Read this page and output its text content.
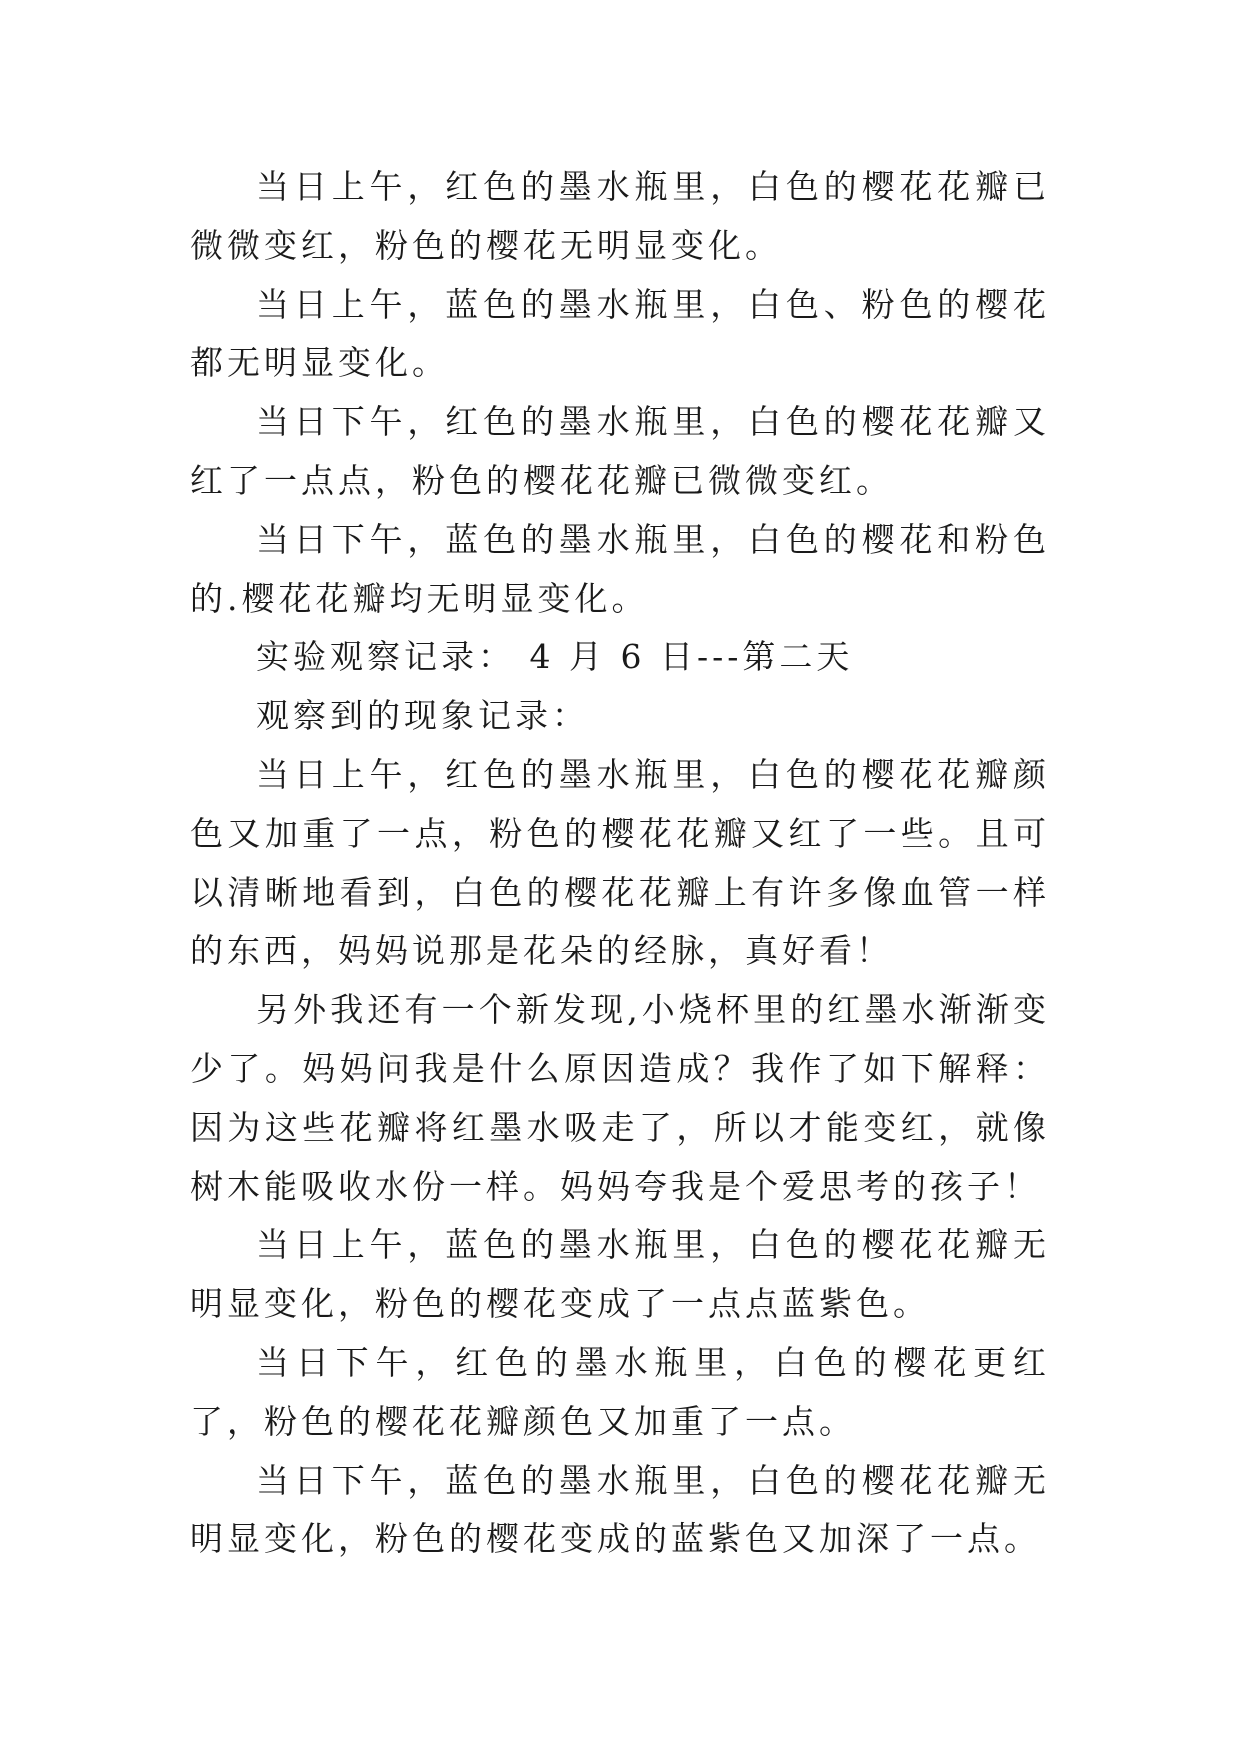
当日上午，红色的墨水瓶里，白色的樱花花瓣已微微变红，粉色的樱花无明显变化。

当日上午，蓝色的墨水瓶里，白色、粉色的樱花都无明显变化。

当日下午，红色的墨水瓶里，白色的樱花花瓣又红了一点点，粉色的樱花花瓣已微微变红。

当日下午，蓝色的墨水瓶里，白色的樱花和粉色的.樱花花瓣均无明显变化。

实验观察记录： 4 月 6 日---第二天

观察到的现象记录：

当日上午，红色的墨水瓶里，白色的樱花花瓣颜色又加重了一点，粉色的樱花花瓣又红了一些。且可以清晰地看到，白色的樱花花瓣上有许多像血管一样的东西，妈妈说那是花朵的经脉，真好看！

另外我还有一个新发现,小烧杯里的红墨水渐渐变少了。妈妈问我是什么原因造成？我作了如下解释：因为这些花瓣将红墨水吸走了，所以才能变红，就像树木能吸收水份一样。妈妈夸我是个爱思考的孩子！

当日上午，蓝色的墨水瓶里，白色的樱花花瓣无明显变化，粉色的樱花变成了一点点蓝紫色。

当日下午，红色的墨水瓶里，白色的樱花更红了，粉色的樱花花瓣颜色又加重了一点。

当日下午，蓝色的墨水瓶里，白色的樱花花瓣无明显变化，粉色的樱花变成的蓝紫色又加深了一点。
